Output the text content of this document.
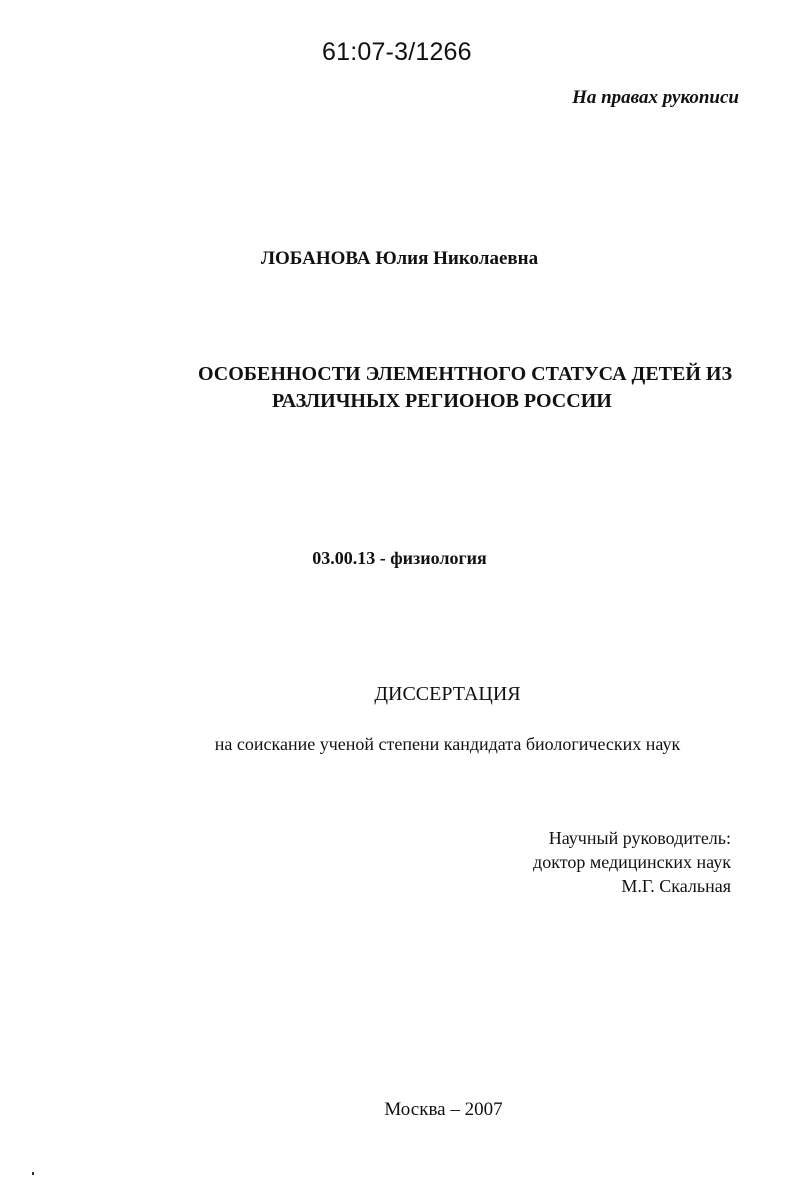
61:07-3/1266
На правах рукописи
ЛОБАНОВА Юлия Николаевна
ОСОБЕННОСТИ ЭЛЕМЕНТНОГО СТАТУСА ДЕТЕЙ ИЗ
РАЗЛИЧНЫХ РЕГИОНОВ РОССИИ
03.00.13 - физиология
ДИССЕРТАЦИЯ
на соискание ученой степени кандидата биологических наук
Научный руководитель:
доктор медицинских наук
М.Г. Скальная
Москва – 2007
